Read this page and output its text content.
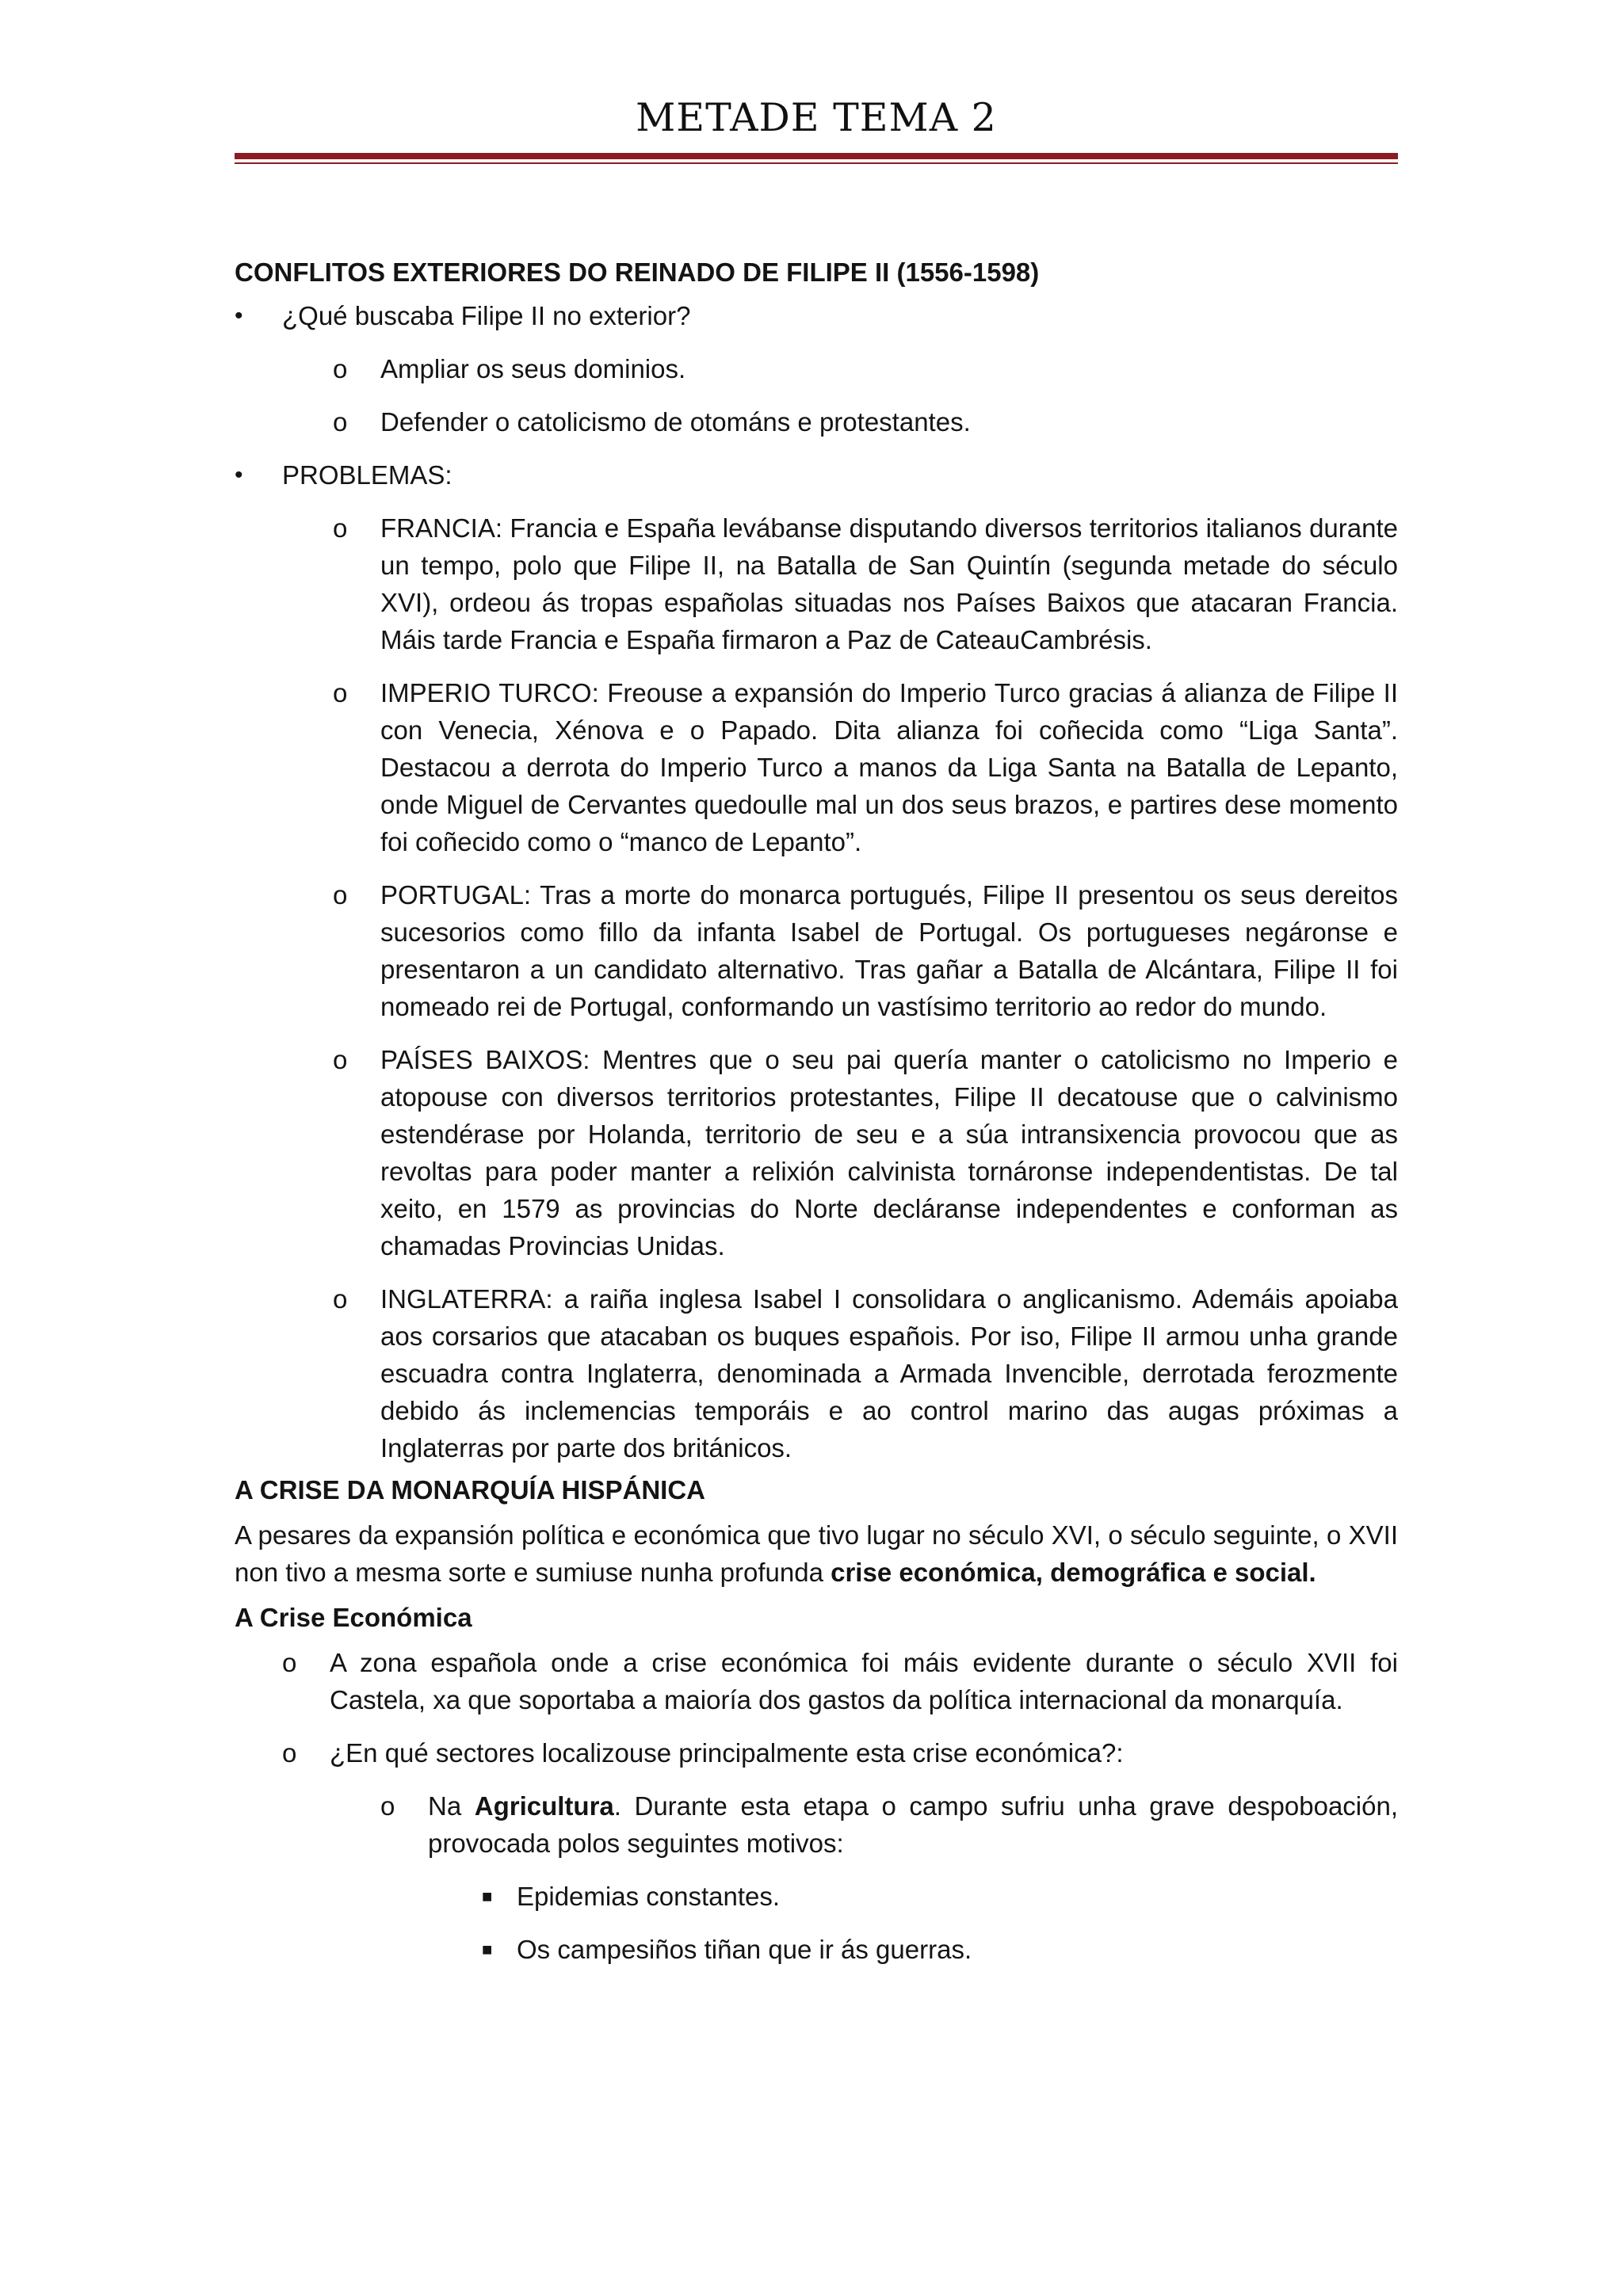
METADE TEMA 2

CONFLITOS EXTERIORES DO REINADO DE FILIPE II (1556-1598)

•	¿Qué buscaba Filipe II no exterior?
o	Ampliar os seus dominios.
o	Defender o catolicismo de otománs e protestantes.
•	PROBLEMAS:
o	FRANCIA: Francia e España levábanse disputando diversos territorios italianos durante un tempo, polo que Filipe II, na Batalla de San Quintín (segunda metade do século XVI), ordeou ás tropas españolas situadas nos Países Baixos que atacaran Francia. Máis tarde Francia e España firmaron a Paz de CateauCambrésis.
o	IMPERIO TURCO: Freouse a expansión do Imperio Turco gracias á alianza de Filipe II con Venecia, Xénova e o Papado. Dita alianza foi coñecida como “Liga Santa”. Destacou a derrota do Imperio Turco a manos da Liga Santa na Batalla de Lepanto, onde Miguel de Cervantes quedoulle mal un dos seus brazos, e partires dese momento foi coñecido como o “manco de Lepanto”.
o	PORTUGAL: Tras a morte do monarca portugués, Filipe II presentou os seus dereitos sucesorios como fillo da infanta Isabel de Portugal. Os portugueses negáronse e presentaron a un candidato alternativo. Tras gañar a Batalla de Alcántara, Filipe II foi nomeado rei de Portugal, conformando un vastísimo territorio ao redor do mundo.
o	PAÍSES BAIXOS: Mentres que o seu pai quería manter o catolicismo no Imperio e atopouse con diversos territorios protestantes, Filipe II decatouse que o calvinismo estendérase por Holanda, territorio de seu e a súa intransixencia provocou que as revoltas para poder manter a relixión calvinista tornáronse independentistas. De tal xeito, en 1579 as provincias do Norte decláranse independentes e conforman as chamadas Provincias Unidas.
o	INGLATERRA: a raiña inglesa Isabel I consolidara o anglicanismo. Ademáis apoiaba aos corsarios que atacaban os buques españois. Por iso, Filipe II armou unha grande escuadra contra Inglaterra, denominada a Armada Invencible, derrotada ferozmente debido ás inclemencias temporáis e ao control marino das augas próximas a Inglaterras por parte dos británicos.

A CRISE DA MONARQUÍA HISPÁNICA

A pesares da expansión política e económica que tivo lugar no século XVI, o século seguinte, o XVII non tivo a mesma sorte e sumiuse nunha profunda crise económica, demográfica e social.

A Crise Económica

o	A zona española onde a crise económica foi máis evidente durante o século XVII foi Castela, xa que soportaba a maioría dos gastos da política internacional da monarquía.
o	¿En qué sectores localizouse principalmente esta crise económica?:
o	Na Agricultura. Durante esta etapa o campo sufriu unha grave despoboación, provocada polos seguintes motivos:
■ Epidemias constantes.
■ Os campesiños tiñan que ir ás guerras.
